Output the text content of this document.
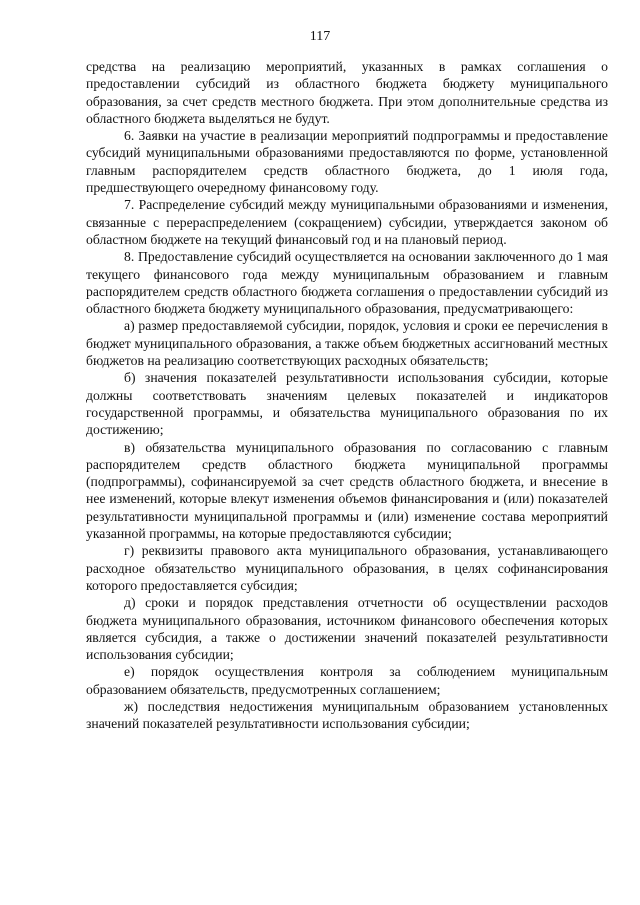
117

средства на реализацию мероприятий, указанных в рамках соглашения о предоставлении субсидий из областного бюджета бюджету муниципального образования, за счет средств местного бюджета. При этом дополнительные средства из областного бюджета выделяться не будут.

6. Заявки на участие в реализации мероприятий подпрограммы и предоставление субсидий муниципальными образованиями предоставляются по форме, установленной главным распорядителем средств областного бюджета, до 1 июля года, предшествующего очередному финансовому году.

7. Распределение субсидий между муниципальными образованиями и изменения, связанные с перераспределением (сокращением) субсидии, утверждается законом об областном бюджете на текущий финансовый год и на плановый период.

8. Предоставление субсидий осуществляется на основании заключенного до 1 мая текущего финансового года между муниципальным образованием и главным распорядителем средств областного бюджета соглашения о предоставлении субсидий из областного бюджета бюджету муниципального образования, предусматривающего:

а) размер предоставляемой субсидии, порядок, условия и сроки ее перечисления в бюджет муниципального образования, а также объем бюджетных ассигнований местных бюджетов на реализацию соответствующих расходных обязательств;

б) значения показателей результативности использования субсидии, которые должны соответствовать значениям целевых показателей и индикаторов государственной программы, и обязательства муниципального образования по их достижению;

в) обязательства муниципального образования по согласованию с главным распорядителем средств областного бюджета муниципальной программы (подпрограммы), софинансируемой за счет средств областного бюджета, и внесение в нее изменений, которые влекут изменения объемов финансирования и (или) показателей результативности муниципальной программы и (или) изменение состава мероприятий указанной программы, на которые предоставляются субсидии;

г) реквизиты правового акта муниципального образования, устанавливающего расходное обязательство муниципального образования, в целях софинансирования которого предоставляется субсидия;

д) сроки и порядок представления отчетности об осуществлении расходов бюджета муниципального образования, источником финансового обеспечения которых является субсидия, а также о достижении значений показателей результативности использования субсидии;

е) порядок осуществления контроля за соблюдением муниципальным образованием обязательств, предусмотренных соглашением;

ж) последствия недостижения муниципальным образованием установленных значений показателей результативности использования субсидии;
